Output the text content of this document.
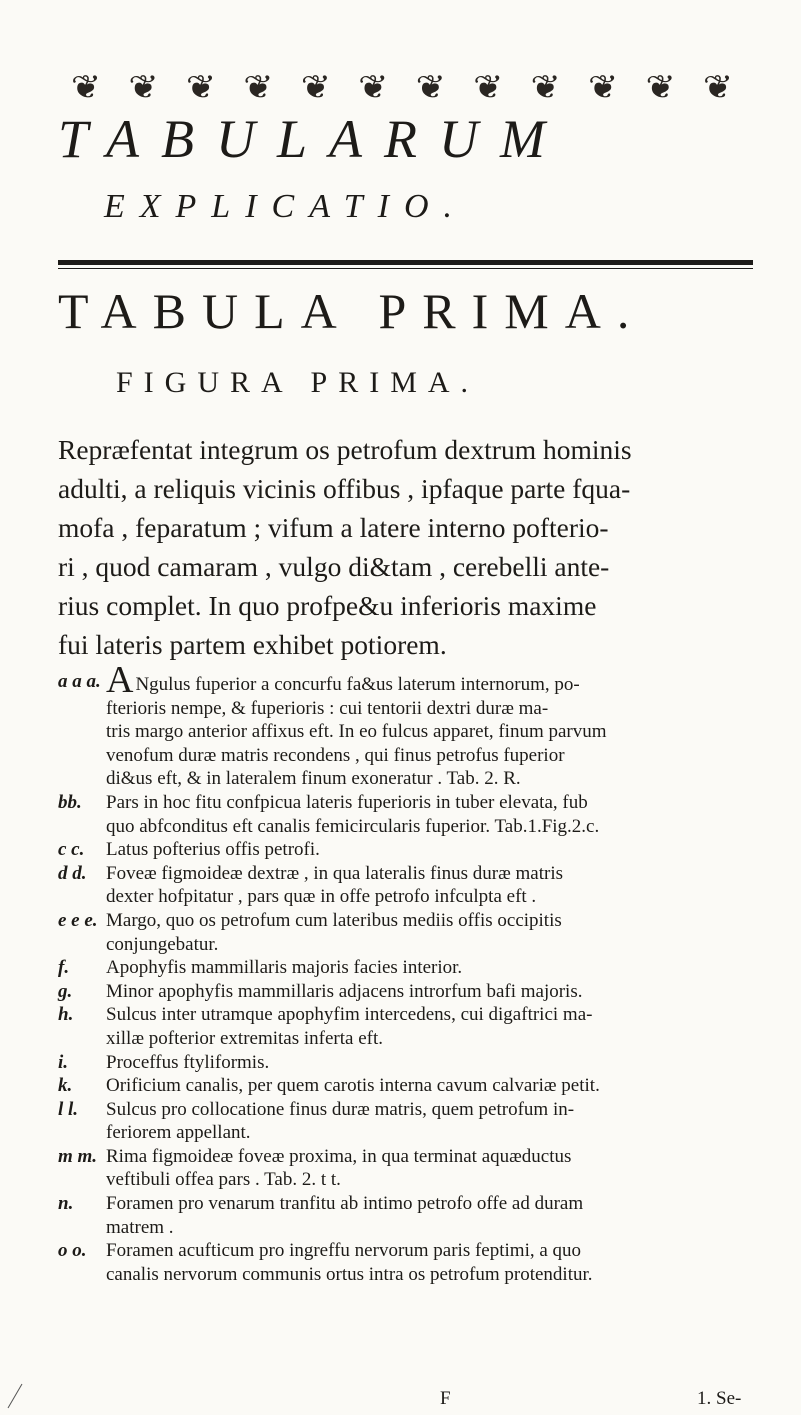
❦ ❦ ❦ ❦ ❦ ❦ ❦ ❦ ❦ ❦ ❦ ❦
TABULARUM
EXPLICATIO.
TABULA PRIMA.
FIGURA PRIMA.

Repræfentat integrum os petrofum dextrum hominis

adulti, a reliquis vicinis offibus , ipfaque parte fqua-

mofa , feparatum ; vifum a latere interno pofterio-

ri , quod camaram , vulgo di&tam , cerebelli ante-

rius complet. In quo profpe&u inferioris maxime

fui lateris partem exhibet potiorem.

a a a. A Ngulus fuperior a concurfu fa&us laterum internorum, po-
fterioris nempe, & fuperioris : cui tentorii dextri duræ ma-
tris margo anterior affixus eft. In eo fulcus apparet, finum parvum
venofum duræ matris recondens , qui finus petrofus fuperior
di&us eft, & in lateralem finum exoneratur . Tab. 2. R.
bb.	Pars in hoc fitu confpicua lateris fuperioris in tuber elevata, fub
quo abfconditus eft canalis femicircularis fuperior. Tab.1.Fig.2.c.
c c.	Latus pofterius offis petrofi.
d d.	Foveæ figmoideæ dextræ , in qua lateralis finus duræ matris
dexter hofpitatur , pars quæ in offe petrofo infculpta eft .
e e e. Margo, quo os petrofum cum lateribus mediis offis occipitis
conjungebatur.
f.	Apophyfis mammillaris majoris facies interior.
g.	Minor apophyfis mammillaris adjacens introrfum bafi majoris.
h.	Sulcus inter utramque apophyfim intercedens, cui digaftrici ma-
xillæ pofterior extremitas inferta eft.
i.	Proceffus ftyliformis.
k.	Orificium canalis, per quem carotis interna cavum calvariæ petit.
l l.	Sulcus pro collocatione finus duræ matris, quem petrofum in-
feriorem appellant.
m m. Rima figmoideæ foveæ proxima, in qua terminat aquæductus
veftibuli offea pars . Tab. 2. t t.
n.	Foramen pro venarum tranfitu ab intimo petrofo offe ad duram
matrem .
o o.	Foramen acufticum pro ingreffu nervorum paris feptimi, a quo
canalis nervorum communis ortus intra os petrofum protenditur.
F	1. Se-
